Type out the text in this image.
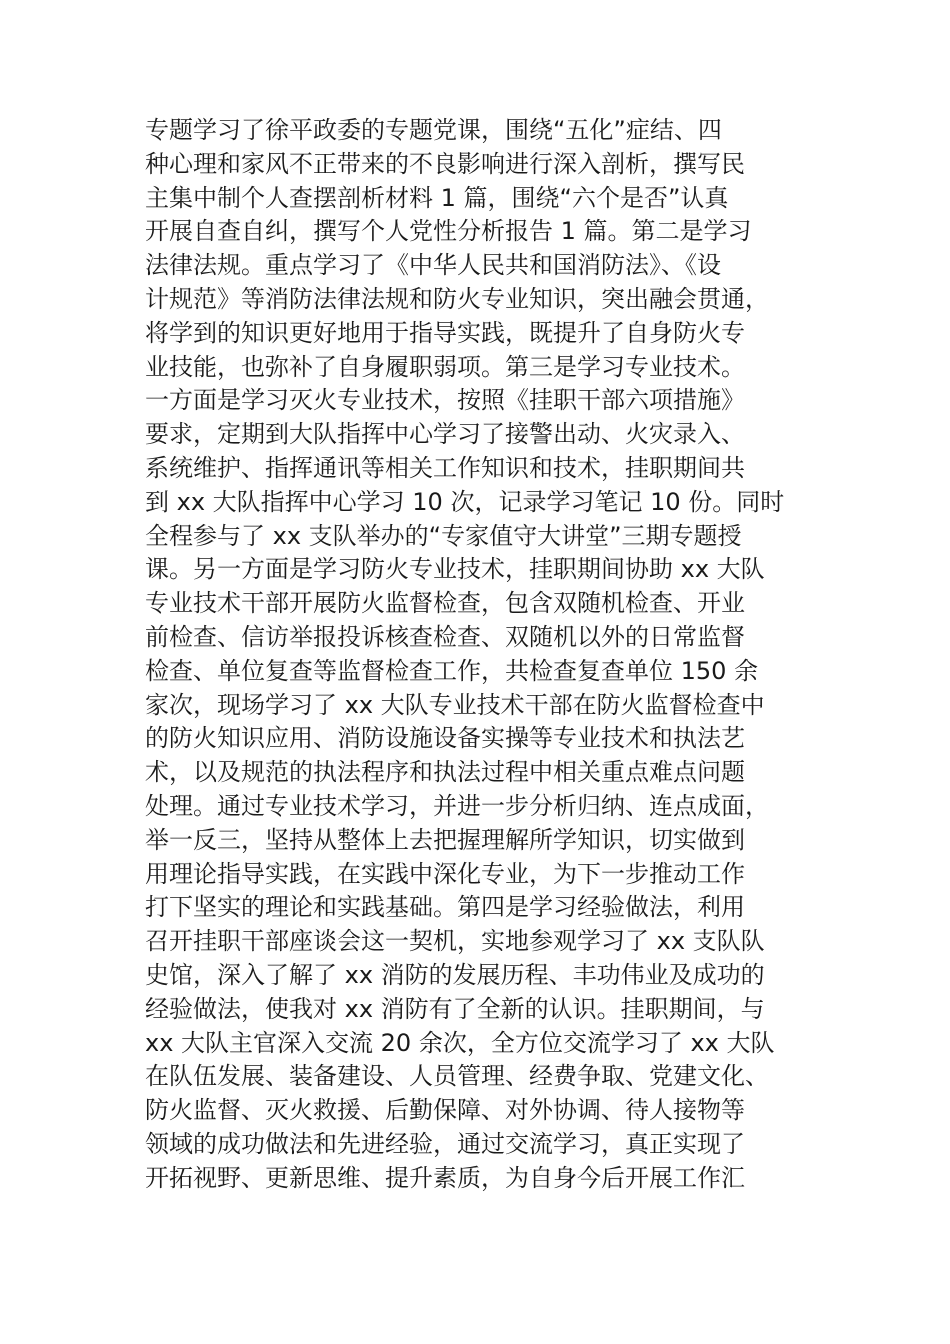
专题学习了徐平政委的专题党课，围绕“五化”症结、四
种心理和家风不正带来的不良影响进行深入剖析，撰写民
主集中制个人查摆剖析材料 1 篇，围绕“六个是否”认真
开展自查自纠，撰写个人党性分析报告 1 篇。第二是学习
法律法规。重点学习了《中华人民共和国消防法》、《设
计规范》等消防法律法规和防火专业知识，突出融会贯通，
将学到的知识更好地用于指导实践，既提升了自身防火专
业技能，也弥补了自身履职弱项。第三是学习专业技术。
一方面是学习灭火专业技术，按照《挂职干部六项措施》
要求，定期到大队指挥中心学习了接警出动、火灾录入、
系统维护、指挥通讯等相关工作知识和技术，挂职期间共
到 xx 大队指挥中心学习 10 次，记录学习笔记 10 份。同时
全程参与了 xx 支队举办的“专家值守大讲堂”三期专题授
课。另一方面是学习防火专业技术，挂职期间协助 xx 大队
专业技术干部开展防火监督检查，包含双随机检查、开业
前检查、信访举报投诉核查检查、双随机以外的日常监督
检查、单位复查等监督检查工作，共检查复查单位 150 余
家次，现场学习了 xx 大队专业技术干部在防火监督检查中
的防火知识应用、消防设施设备实操等专业技术和执法艺
术，以及规范的执法程序和执法过程中相关重点难点问题
处理。通过专业技术学习，并进一步分析归纳、连点成面，
举一反三，坚持从整体上去把握理解所学知识，切实做到
用理论指导实践，在实践中深化专业，为下一步推动工作
打下坚实的理论和实践基础。第四是学习经验做法，利用
召开挂职干部座谈会这一契机，实地参观学习了 xx 支队队
史馆，深入了解了 xx 消防的发展历程、丰功伟业及成功的
经验做法，使我对 xx 消防有了全新的认识。挂职期间，与
xx 大队主官深入交流 20 余次，全方位交流学习了 xx 大队
在队伍发展、装备建设、人员管理、经费争取、党建文化、
防火监督、灭火救援、后勤保障、对外协调、待人接物等
领域的成功做法和先进经验，通过交流学习，真正实现了
开拓视野、更新思维、提升素质，为自身今后开展工作汇
